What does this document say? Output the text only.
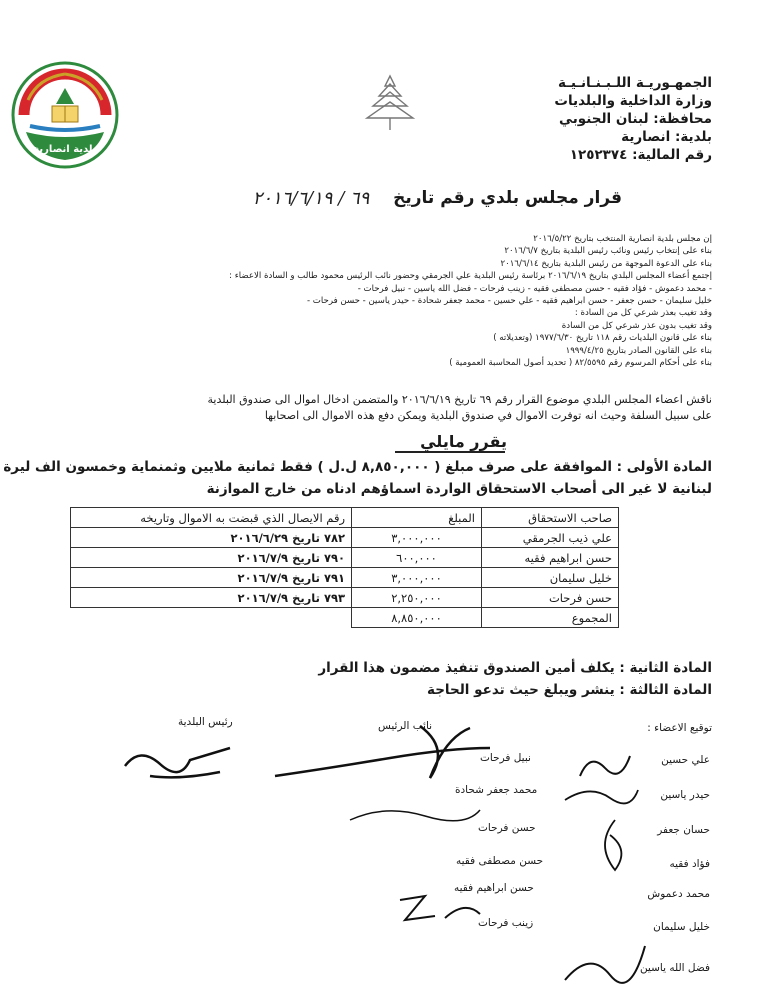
بلدية انصارية
الجمهـوريـة اللـبـنـانـيـة
وزارة الداخلية والبلديات
محافظة: لبنان الجنوبي
بلدية: انصارية
رقم المالية: ١٢٥٢٣٧٤
قرار مجلس بلدي رقم تاريخ
٦٩ / ٢٠١٦/٦/١٩
إن مجلس بلدية انصارية المنتخب بتاريخ ٢٠١٦/٥/٢٢
بناء على إنتخاب رئيس ونائب رئيس البلدية بتاريخ ٢٠١٦/٦/٧
بناء على الدعوة الموجهة من رئيس البلدية بتاريخ ٢٠١٦/٦/١٤
إجتمع أعضاء المجلس البلدي بتاريخ ٢٠١٦/٦/١٩ برئاسة رئيس البلدية علي الجرمقي وحضور نائب الرئيس محمود طالب و السادة الاعضاء :
- محمد دعموش - فؤاد فقيه - حسن مصطفى فقيه - زينب فرحات - فضل الله ياسين - نبيل فرحات -
خليل سليمان - حسن جعفر - حسن ابراهيم فقيه - علي حسين - محمد جعفر شحادة - حيدر ياسين - حسن فرحات -
وقد تغيب بعذر شرعي كل من السادة :
وقد تغيب بدون عذر شرعي كل من السادة
بناء على قانون البلديات رقم ١١٨ تاريخ ١٩٧٧/٦/٣٠ (وتعديلاته )
بناء على القانون الصادر بتاريخ ١٩٩٩/٤/٢٥
بناء على أحكام المرسوم رقم ٨٢/٥٥٩٥ ( تحديد أصول المحاسبة العمومية )
ناقش اعضاء المجلس البلدي موضوع القرار رقم ٦٩ تاريخ ٢٠١٦/٦/١٩ والمتضمن ادخال اموال الى صندوق البلدية
على سبيل السلفة وحيث انه توفرت الاموال في صندوق البلدية ويمكن دفع هذه الاموال الى اصحابها
يقرر مايلي
المادة الأولى : الموافقة على صرف مبلغ ( ٨,٨٥٠,٠٠٠ ل.ل ) فقط ثمانية ملايين وثمنماية وخمسون الف ليرة
لبنانية لا غير الى أصحاب الاستحقاق الواردة اسماؤهم ادناه من خارج الموازنة
صاحب الاستحقاق	المبلغ	رقم الايصال الذي قبضت به الاموال وتاريخه
علي ذيب الجرمقي	٣,٠٠٠,٠٠٠	٧٨٢ تاريخ ٢٠١٦/٦/٢٩
حسن ابراهيم فقيه	٦٠٠,٠٠٠	٧٩٠ تاريخ ٢٠١٦/٧/٩
خليل سليمان	٣,٠٠٠,٠٠٠	٧٩١ تاريخ ٢٠١٦/٧/٩
حسن فرحات	٢,٢٥٠,٠٠٠	٧٩٣ تاريخ ٢٠١٦/٧/٩
المجموع	٨,٨٥٠,٠٠٠	
المادة الثانية : يكلف أمين الصندوق تنفيذ مضمون هذا القرار
المادة الثالثة : ينشر ويبلغ حيث تدعو الحاجة
رئيس البلدية	نائب الرئيس	توقيع الاعضاء :
نبيل فرحات
محمد جعفر شحادة
حسن فرحات
حسن مصطفى فقيه
حسن ابراهيم فقيه
زينب فرحات
علي حسين
حيدر ياسين
حسان جعفر
فؤاد فقيه
محمد دعموش
خليل سليمان
فضل الله ياسين
